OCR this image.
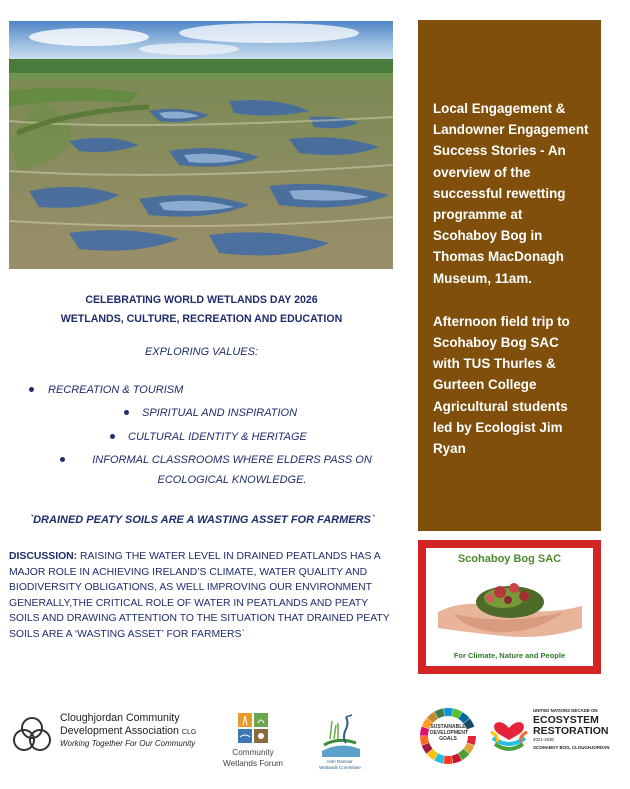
CELEBRATING WORLD WETLANDS DAY 2026
WETLANDS, CULTURE, RECREATION AND EDUCATION
EXPLORING VALUES:
RECREATION & TOURISM
SPIRITUAL AND INSPIRATION
CULTURAL IDENTITY & HERITAGE
INFORMAL CLASSROOMS WHERE ELDERS PASS ON ECOLOGICAL KNOWLEDGE.
`DRAINED PEATY SOILS ARE A WASTING ASSET FOR FARMERS`
DISCUSSION: RAISING THE WATER LEVEL IN DRAINED PEATLANDS HAS A MAJOR ROLE IN ACHIEVING IRELAND’S CLIMATE, WATER QUALITY AND BIODIVERSITY OBLIGATIONS, AS WELL IMPROVING OUR ENVIRONMENT GENERALLY,THE CRITICAL ROLE OF WATER IN PEATLANDS AND PEATY SOILS AND DRAWING ATTENTION TO THE SITUATION THAT DRAINED PEATY SOILS ARE A ‘WASTING ASSET’ FOR FARMERS`

Local Engagement & Landowner Engagement Success Stories - An overview of the successful rewetting programme at Scohaboy Bog in Thomas MacDonagh Museum, 11am.

Afternoon field trip to Scohaboy Bog SAC with TUS Thurles & Gurteen College Agricultural students led by Ecologist Jim Ryan

Scohaboy Bog SAC
For Climate, Nature and People
Cloughjordan Community
Development Association CLG
Working Together For Our Community
Community
Wetlands Forum	Irish Ramsar
Wetlands Committee
SUSTAINABLE
DEVELOPMENT
GOALS
UNITED NATIONS DECADE ON
ECOSYSTEM
RESTORATION
2021-2030
SCOHABOY BOG, CLOUGHJORDAN
